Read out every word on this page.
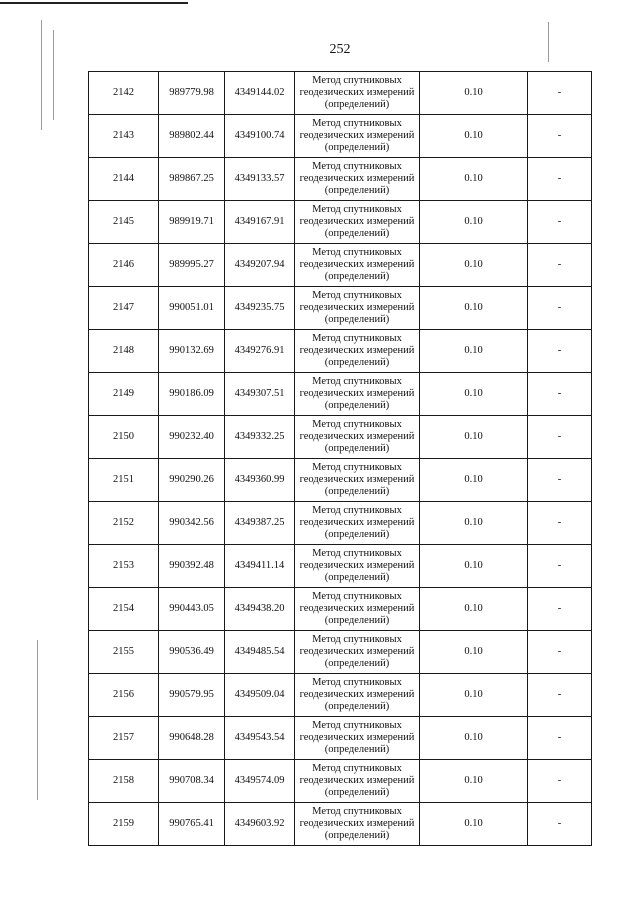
252
2142	989779.98	4349144.02	Метод спутниковых
геодезических измерений
(определений)	0.10	-
2143	989802.44	4349100.74	Метод спутниковых
геодезических измерений
(определений)	0.10	-
2144	989867.25	4349133.57	Метод спутниковых
геодезических измерений
(определений)	0.10	-
2145	989919.71	4349167.91	Метод спутниковых
геодезических измерений
(определений)	0.10	-
2146	989995.27	4349207.94	Метод спутниковых
геодезических измерений
(определений)	0.10	-
2147	990051.01	4349235.75	Метод спутниковых
геодезических измерений
(определений)	0.10	-
2148	990132.69	4349276.91	Метод спутниковых
геодезических измерений
(определений)	0.10	-
2149	990186.09	4349307.51	Метод спутниковых
геодезических измерений
(определений)	0.10	-
2150	990232.40	4349332.25	Метод спутниковых
геодезических измерений
(определений)	0.10	-
2151	990290.26	4349360.99	Метод спутниковых
геодезических измерений
(определений)	0.10	-
2152	990342.56	4349387.25	Метод спутниковых
геодезических измерений
(определений)	0.10	-
2153	990392.48	4349411.14	Метод спутниковых
геодезических измерений
(определений)	0.10	-
2154	990443.05	4349438.20	Метод спутниковых
геодезических измерений
(определений)	0.10	-
2155	990536.49	4349485.54	Метод спутниковых
геодезических измерений
(определений)	0.10	-
2156	990579.95	4349509.04	Метод спутниковых
геодезических измерений
(определений)	0.10	-
2157	990648.28	4349543.54	Метод спутниковых
геодезических измерений
(определений)	0.10	-
2158	990708.34	4349574.09	Метод спутниковых
геодезических измерений
(определений)	0.10	-
2159	990765.41	4349603.92	Метод спутниковых
геодезических измерений
(определений)	0.10	-
